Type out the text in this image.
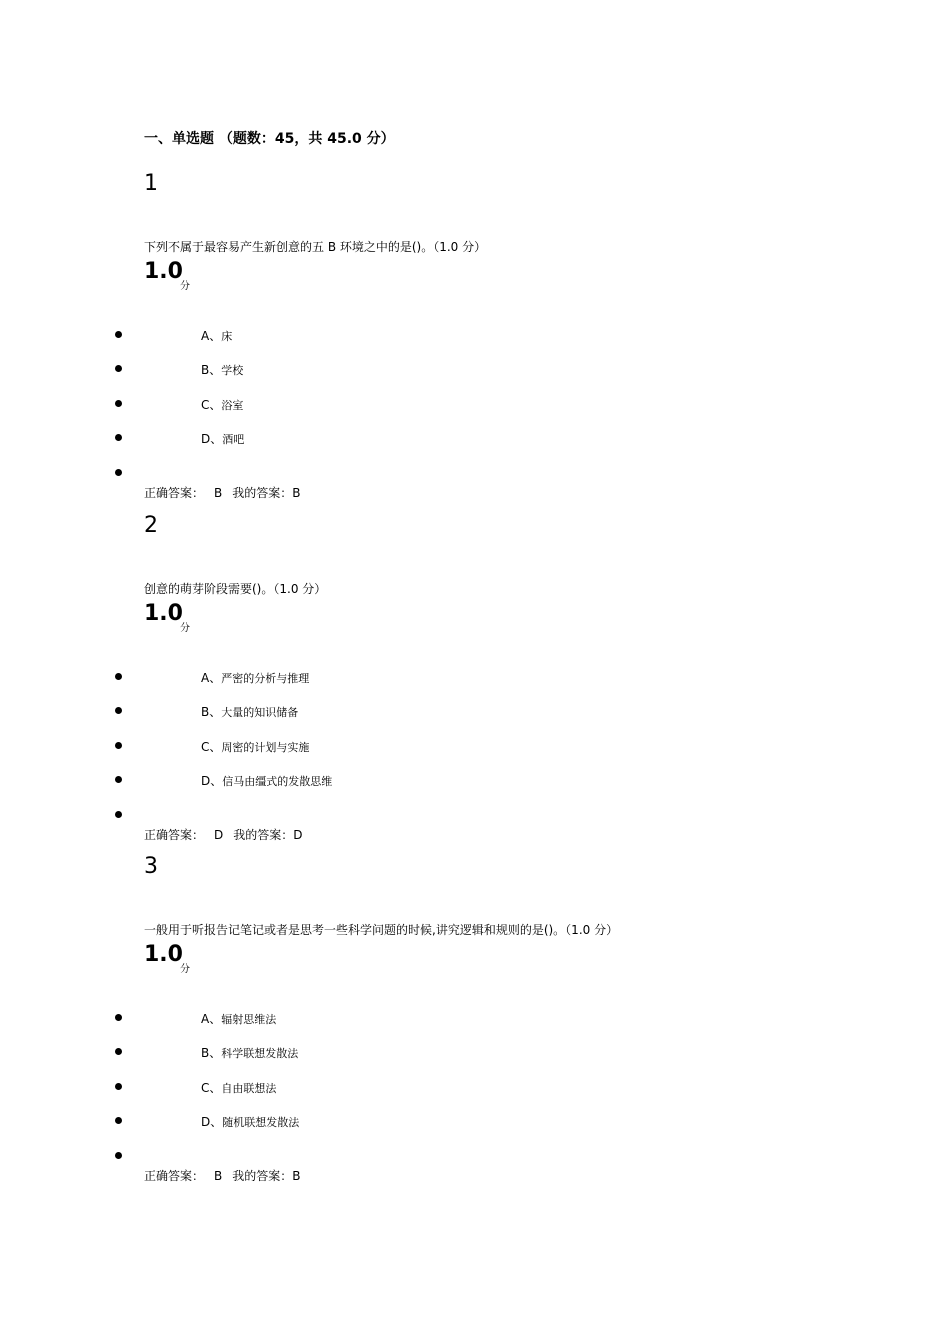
一、单选题 （题数：45，共 45.0 分）
1
下列不属于最容易产生新创意的五 B 环境之中的是()。（1.0 分）
1.0
分
A、床
B、学校
C、浴室
D、酒吧
正确答案： B 我的答案：B
2
创意的萌芽阶段需要()。（1.0 分）
1.0
分
A、严密的分析与推理
B、大量的知识储备
C、周密的计划与实施
D、信马由缰式的发散思维
正确答案： D 我的答案：D
3
一般用于听报告记笔记或者是思考一些科学问题的时候,讲究逻辑和规则的是()。（1.0 分）
1.0
分
A、辐射思维法
B、科学联想发散法
C、自由联想法
D、随机联想发散法
正确答案： B 我的答案：B
